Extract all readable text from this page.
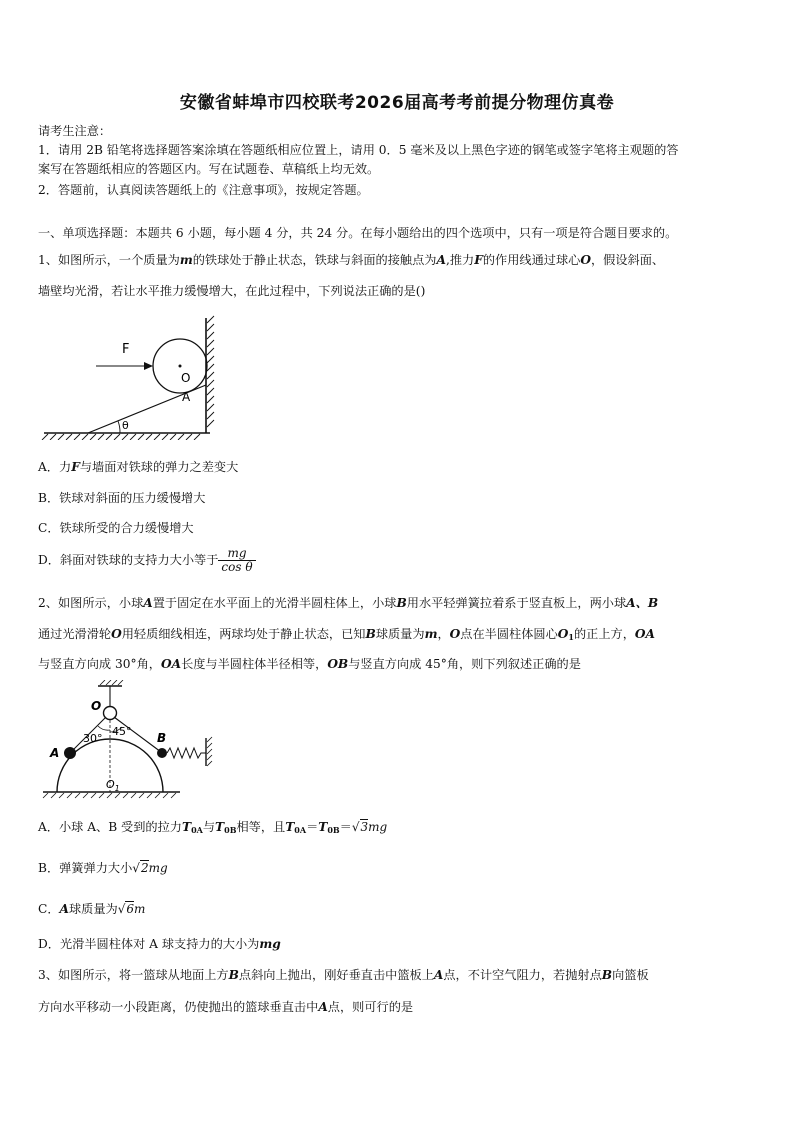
安徽省蚌埠市四校联考2026届高考考前提分物理仿真卷
请考生注意：
1．请用 2B 铅笔将选择题答案涂填在答题纸相应位置上，请用 0．5 毫米及以上黑色字迹的钢笔或签字笔将主观题的答
案写在答题纸相应的答题区内。写在试题卷、草稿纸上均无效。
2．答题前，认真阅读答题纸上的《注意事项》，按规定答题。
一、单项选择题：本题共 6 小题，每小题 4 分，共 24 分。在每小题给出的四个选项中，只有一项是符合题目要求的。
1、如图所示，一个质量为m的铁球处于静止状态，铁球与斜面的接触点为A,推力F的作用线通过球心O，假设斜面、
墙壁均光滑，若让水平推力缓慢增大，在此过程中，下列说法正确的是()
F
O
A
θ
A．力F与墙面对铁球的弹力之差变大
B．铁球对斜面的压力缓慢增大
C．铁球所受的合力缓慢增大
D．斜面对铁球的支持力大小等于 $\frac{mg}{\text{cos θ}}$
2、如图所示，小球A置于固定在水平面上的光滑半圆柱体上，小球B用水平轻弹簧拉着系于竖直板上，两小球A、B
通过光滑滑轮O用轻质细线相连，两球均处于静止状态，已知B球质量为m，O点在半圆柱体圆心$O_1$的正上方，OA
与竖直方向成 30°角，OA长度与半圆柱体半径相等，OB与竖直方向成 45°角，则下列叙述正确的是
O
A
B
30°
45°
$O_1$
A．小球 A、B 受到的拉力$T_{0A}$与$T_{0B}$相等，且$T_{0A}=T_{0B}=√3mg$
B．弹簧弹力大小√2mg
C．A球质量为√6m
D．光滑半圆柱体对 A 球支持力的大小为mg
3、如图所示，将一篮球从地面上方B点斜向上抛出，刚好垂直击中篮板上A点，不计空气阻力，若抛射点B向篮板
方向水平移动一小段距离，仍使抛出的篮球垂直击中A点，则可行的是
